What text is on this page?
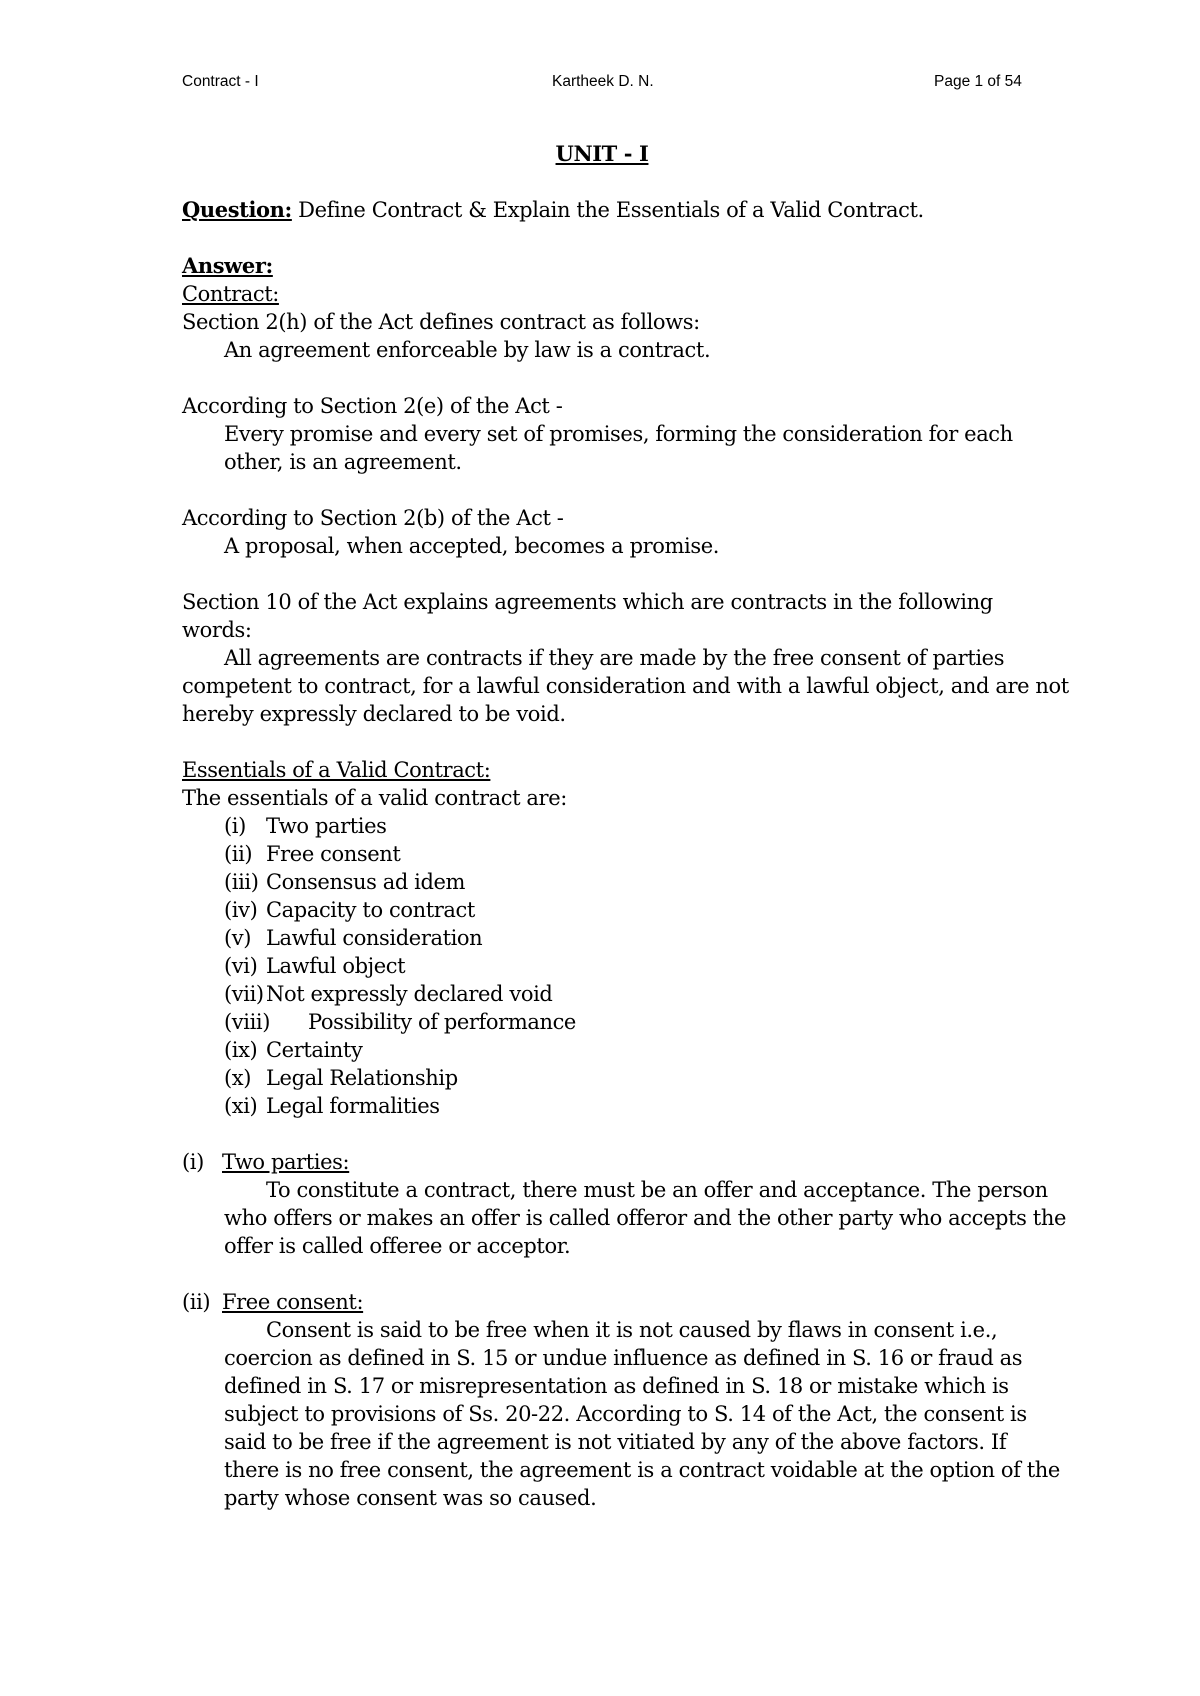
Contract - I	Kartheek D. N.	Page 1 of 54
UNIT - I
Question: Define Contract & Explain the Essentials of a Valid Contract.
Answer:
Contract:
Section 2(h) of the Act defines contract as follows:
An agreement enforceable by law is a contract.
According to Section 2(e) of the Act -
Every promise and every set of promises, forming the consideration for each
other, is an agreement.
According to Section 2(b) of the Act -
A proposal, when accepted, becomes a promise.
Section 10 of the Act explains agreements which are contracts in the following
words:
All agreements are contracts if they are made by the free consent of parties
competent to contract, for a lawful consideration and with a lawful object, and are not
hereby expressly declared to be void.
Essentials of a Valid Contract:
The essentials of a valid contract are:
(i) Two parties
(ii) Free consent
(iii) Consensus ad idem
(iv) Capacity to contract
(v) Lawful consideration
(vi) Lawful object
(vii) Not expressly declared void
(viii) Possibility of performance
(ix) Certainty
(x) Legal Relationship
(xi) Legal formalities
(i) Two parties:
To constitute a contract, there must be an offer and acceptance. The person
who offers or makes an offer is called offeror and the other party who accepts the
offer is called offeree or acceptor.
(ii) Free consent:
Consent is said to be free when it is not caused by flaws in consent i.e.,
coercion as defined in S. 15 or undue influence as defined in S. 16 or fraud as
defined in S. 17 or misrepresentation as defined in S. 18 or mistake which is
subject to provisions of Ss. 20-22. According to S. 14 of the Act, the consent is
said to be free if the agreement is not vitiated by any of the above factors. If
there is no free consent, the agreement is a contract voidable at the option of the
party whose consent was so caused.
